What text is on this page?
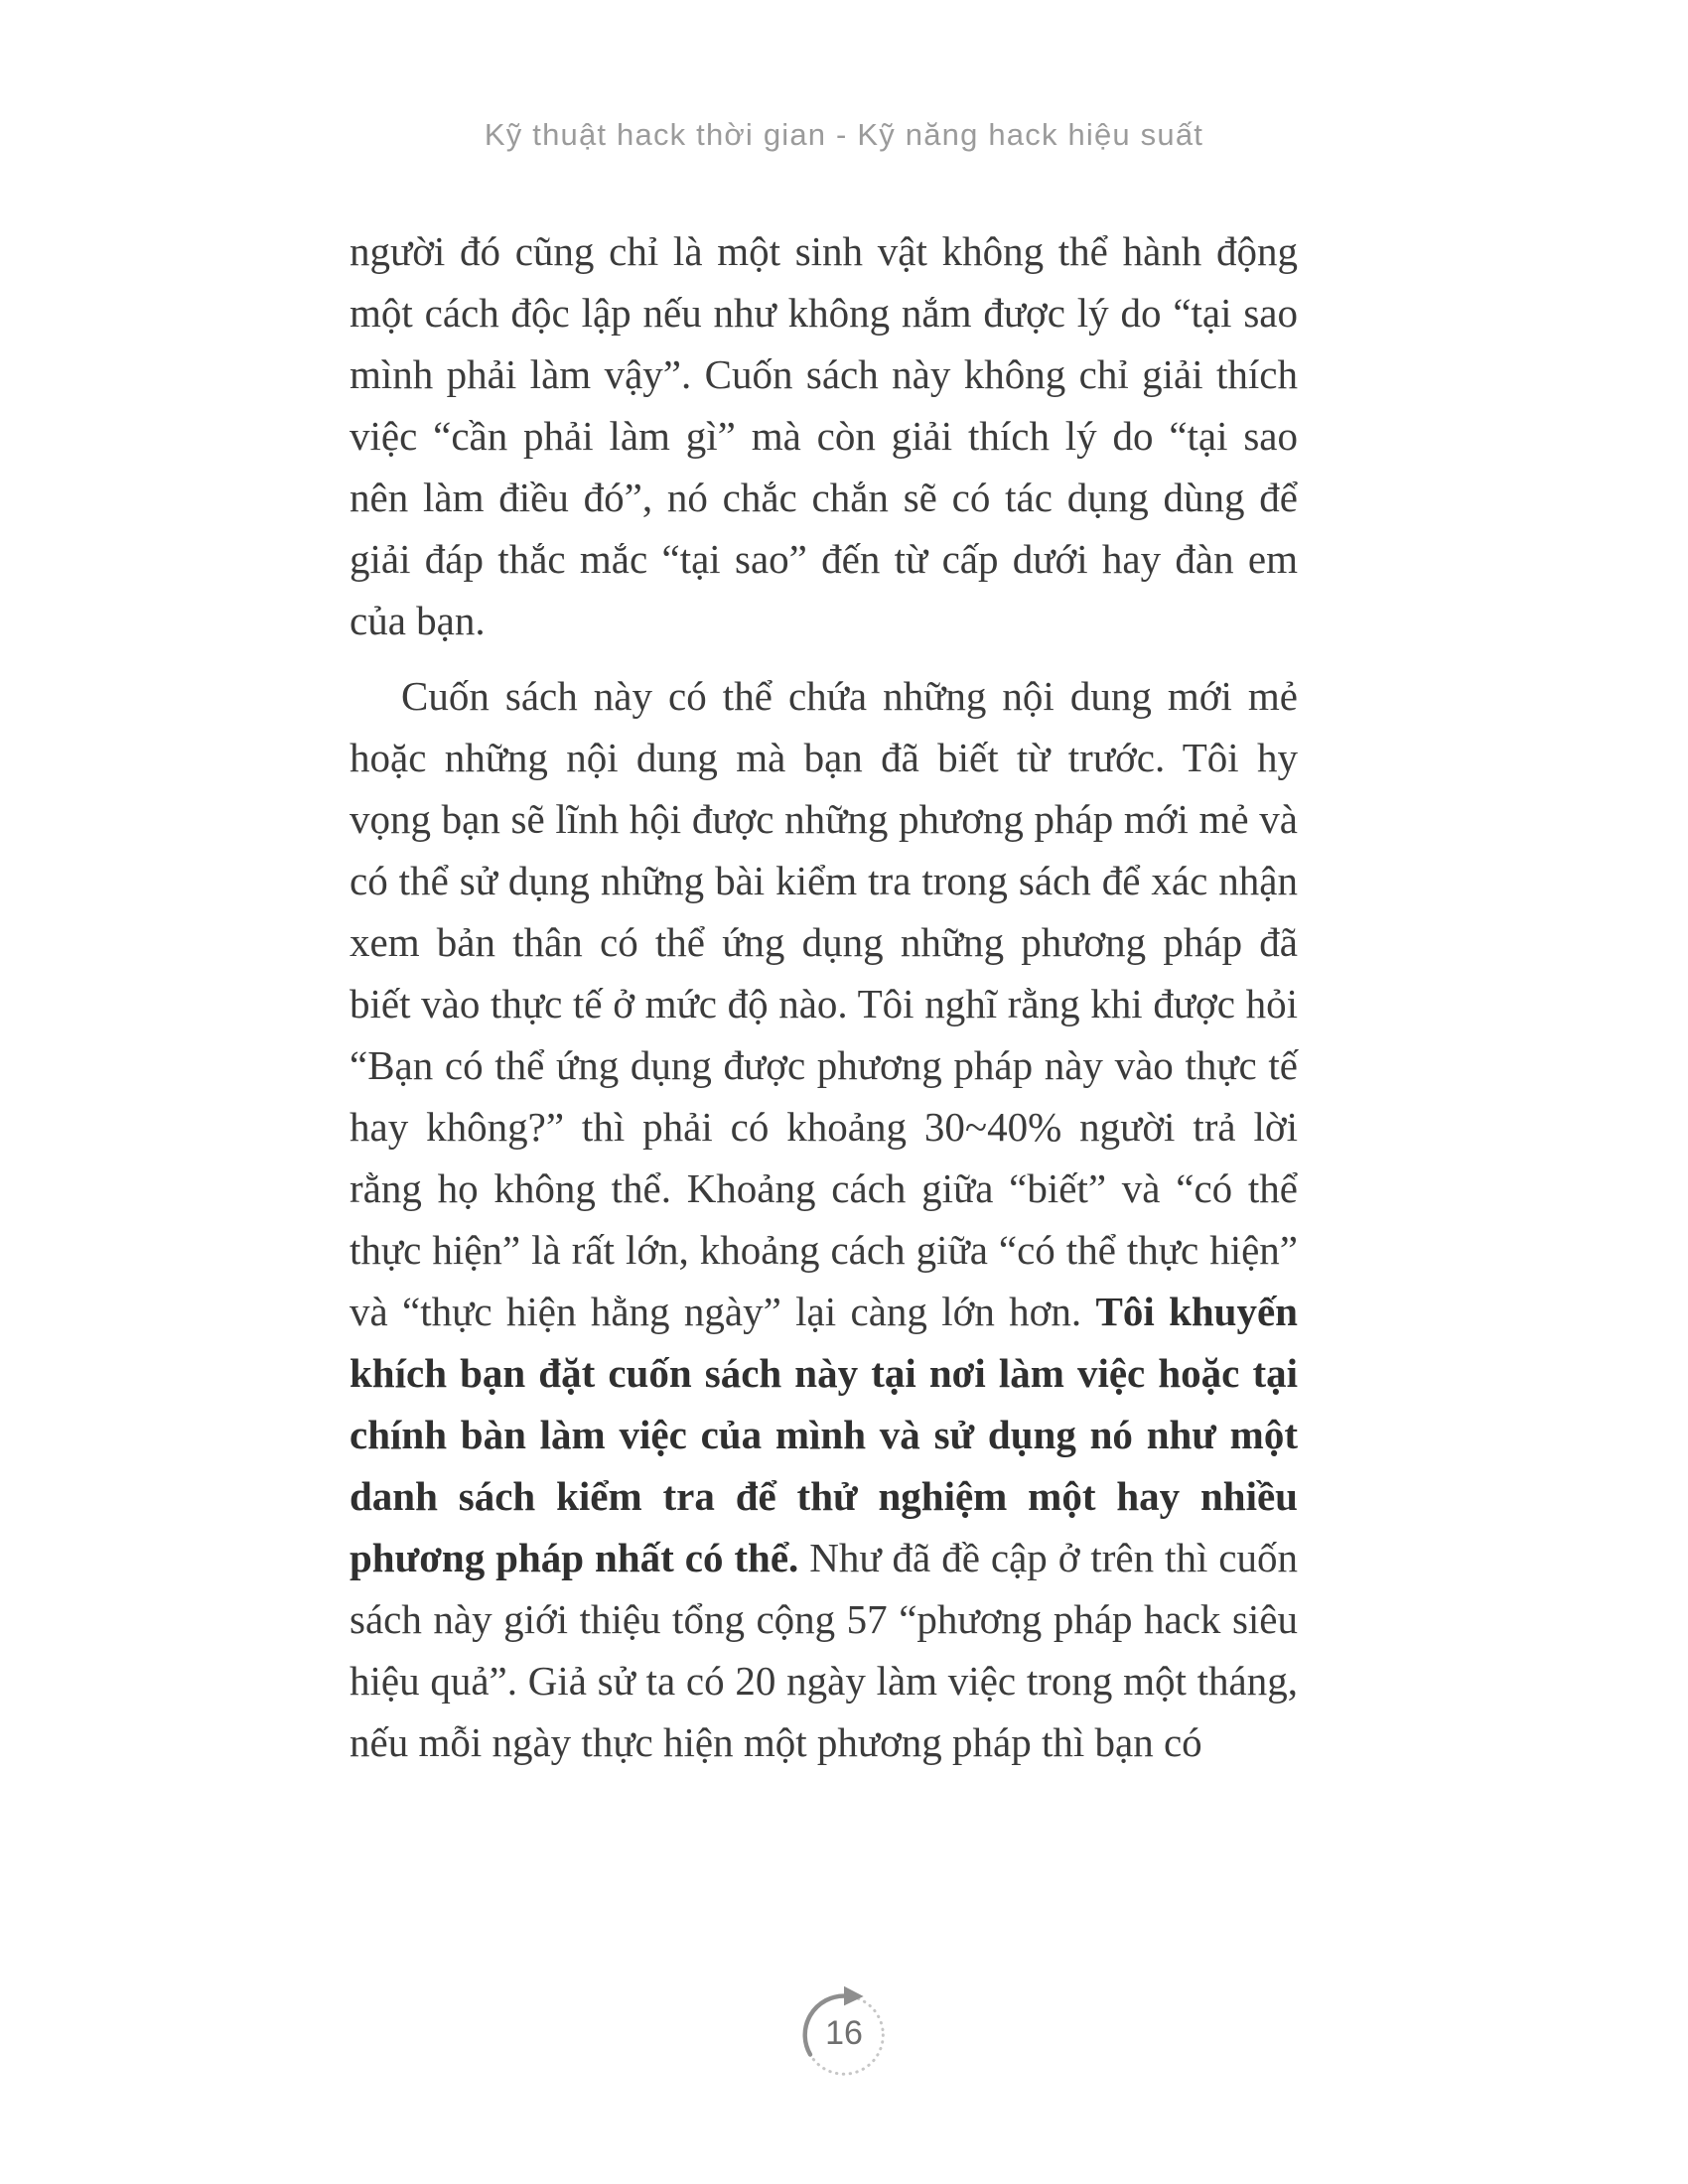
Kỹ thuật hack thời gian - Kỹ năng hack hiệu suất

người đó cũng chỉ là một sinh vật không thể hành động một cách độc lập nếu như không nắm được lý do “tại sao mình phải làm vậy”. Cuốn sách này không chỉ giải thích việc “cần phải làm gì” mà còn giải thích lý do “tại sao nên làm điều đó”, nó chắc chắn sẽ có tác dụng dùng để giải đáp thắc mắc “tại sao” đến từ cấp dưới hay đàn em của bạn.

Cuốn sách này có thể chứa những nội dung mới mẻ hoặc những nội dung mà bạn đã biết từ trước. Tôi hy vọng bạn sẽ lĩnh hội được những phương pháp mới mẻ và có thể sử dụng những bài kiểm tra trong sách để xác nhận xem bản thân có thể ứng dụng những phương pháp đã biết vào thực tế ở mức độ nào. Tôi nghĩ rằng khi được hỏi “Bạn có thể ứng dụng được phương pháp này vào thực tế hay không?” thì phải có khoảng 30~40% người trả lời rằng họ không thể. Khoảng cách giữa “biết” và “có thể thực hiện” là rất lớn, khoảng cách giữa “có thể thực hiện” và “thực hiện hằng ngày” lại càng lớn hơn. Tôi khuyến khích bạn đặt cuốn sách này tại nơi làm việc hoặc tại chính bàn làm việc của mình và sử dụng nó như một danh sách kiểm tra để thử nghiệm một hay nhiều phương pháp nhất có thể. Như đã đề cập ở trên thì cuốn sách này giới thiệu tổng cộng 57 “phương pháp hack siêu hiệu quả”. Giả sử ta có 20 ngày làm việc trong một tháng, nếu mỗi ngày thực hiện một phương pháp thì bạn có

16
